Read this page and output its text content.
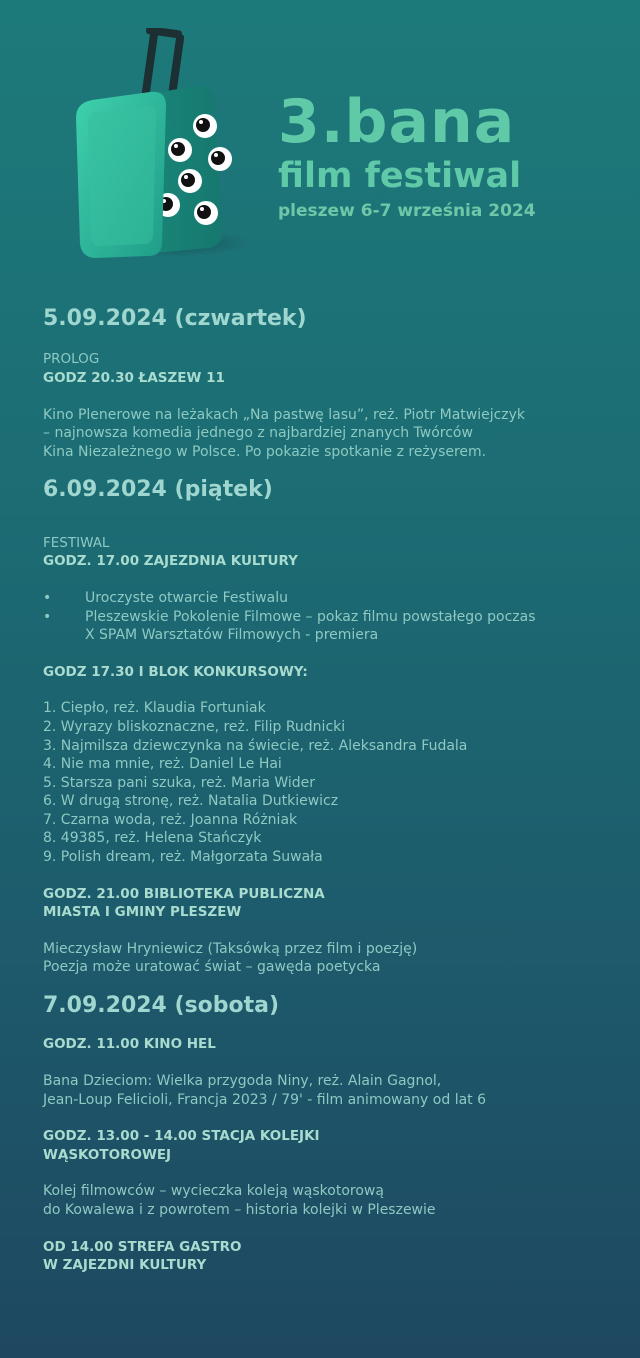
3.bana
film festiwal
pleszew 6-7 września 2024
5.09.2024 (czwartek)

PROLOG

GODZ 20.30 ŁASZEW 11

Kino Plenerowe na leżakach „Na pastwę lasu”, reż. Piotr Matwiejczyk

– najnowsza komedia jednego z najbardziej znanych Twórców

Kina Niezależnego w Polsce. Po pokazie spotkanie z reżyserem.

6.09.2024 (piątek)

FESTIWAL

GODZ. 17.00 ZAJEZDNIA KULTURY

• Uroczyste otwarcie Festiwalu
• Pleszewskie Pokolenie Filmowe – pokaz filmu powstałego poczas X SPAM Warsztatów Filmowych - premiera

GODZ 17.30 I BLOK KONKURSOWY:

1. Ciepło, reż. Klaudia Fortuniak
2. Wyrazy bliskoznaczne, reż. Filip Rudnicki
3. Najmilsza dziewczynka na świecie, reż. Aleksandra Fudala
4. Nie ma mnie, reż. Daniel Le Hai
5. Starsza pani szuka, reż. Maria Wider
6. W drugą stronę, reż. Natalia Dutkiewicz
7. Czarna woda, reż. Joanna Różniak
8. 49385, reż. Helena Stańczyk
9. Polish dream, reż. Małgorzata Suwała

GODZ. 21.00 BIBLIOTEKA PUBLICZNA

MIASTA I GMINY PLESZEW

Mieczysław Hryniewicz (Taksówką przez film i poezję)

Poezja może uratować świat – gawęda poetycka

7.09.2024 (sobota)

GODZ. 11.00 KINO HEL

Bana Dzieciom: Wielka przygoda Niny, reż. Alain Gagnol,

Jean-Loup Felicioli, Francja 2023 / 79' - film animowany od lat 6

GODZ. 13.00 - 14.00 STACJA KOLEJKI

WĄSKOTOROWEJ

Kolej filmowców – wycieczka koleją wąskotorową

do Kowalewa i z powrotem – historia kolejki w Pleszewie

OD 14.00 STREFA GASTRO

W ZAJEZDNI KULTURY
